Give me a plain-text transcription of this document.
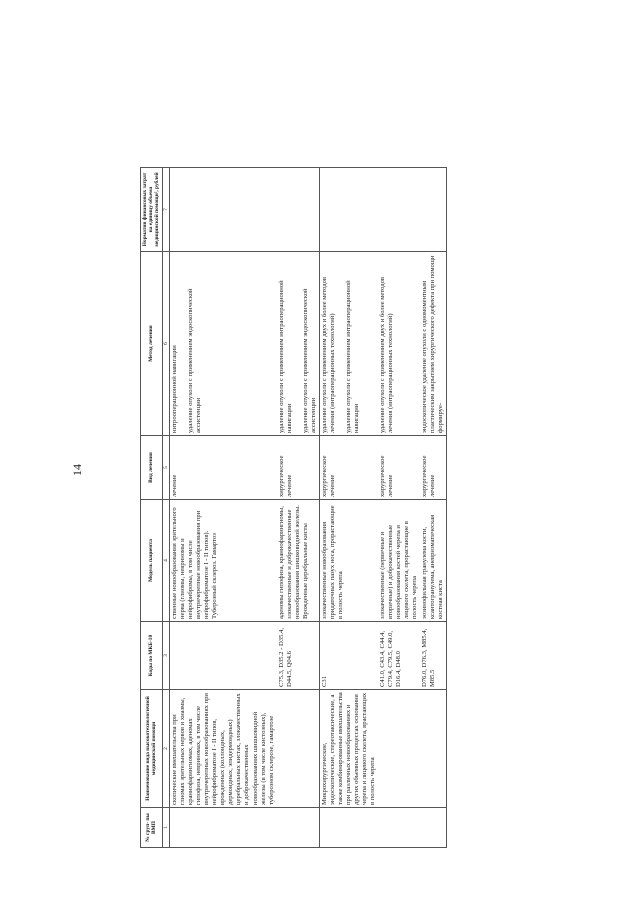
14
№ груп- пы ВМП	Наименование вида высокотехнологичной медицинской помощи	Коды по МКБ-10	Модель пациента	Вид лечения	Метод лечения	Норматив финансовых затрат на единицу объема медицинской помощи², рублей
1	2	3	4	5	6	7
	скопические вмешательства при глиомах зрительных нервов и хиазмы, краниофарингиомах, аденомах гипофиза, невриномах, в том числе внутричерепных новообразованиях при нейрофиброматозе I - II типов, врожденных (коллоидных, дермоидных, эпидермоидных) церебральных кистах, злокачественных и доброкачественных новообразованиях шишковидной железы (в том числе кистозных), туберозном склерозе, гамартозе		ственные новообразования зрительного нерва (глиомы, невриномы и нейрофибромы, в том числе внутричерепные новообразования при нейрофиброматозе I - II типов). Туберозный склероз. Гамартоз	лечение	нитрооперационной навигации

удаление опухоли с применением эндоскопической ассистенции	
		C75.3, D35.2 - D35.4, D44.5, Q04.6	аденомы гипофиза, краниофарингиомы, злокачественные и доброкачественные новообразования шишковидной железы. Врожденные церебральные кисты	хирургическое лечение	удаление опухоли с применением интраоперационной навигации

удаление опухоли с применением эндоскопической ассистенции	
	Микрохирургические, эндоскопические, стереотаксические, а также комбинированные вмешательства при различных новообразованиях и других объемных процессах основания черепа и лицевого скелета, врастающих в полость черепа	C31	злокачественные новообразования придаточных пазух носа, прорастающие в полость черепа	хирургическое лечение	удаление опухоли с применением двух и более методов лечения (интраоперационных технологий)

удаление опухоли с применением интраоперационной навигации	
		C41.0, C43.4, C44.4, C79.4, C79.5, C49.0, D16.4, D48.0	злокачественные (первичные и вторичные) и доброкачественные новообразования костей черепа и лицевого скелета, прорастающие в полость черепа	хирургическое лечение	удаление опухоли с применением двух и более методов лечения (интраоперационных технологий)	
		D76.0, D76.3, M85.4, M85.5	эозинофильная гранулема кости, ксантогранулема, аневризматическая костная киста	хирургическое лечение	эндоскопическое удаление опухоли с одномоментным пластическим закрытием хирургического дефекта при помощи формируе-	
